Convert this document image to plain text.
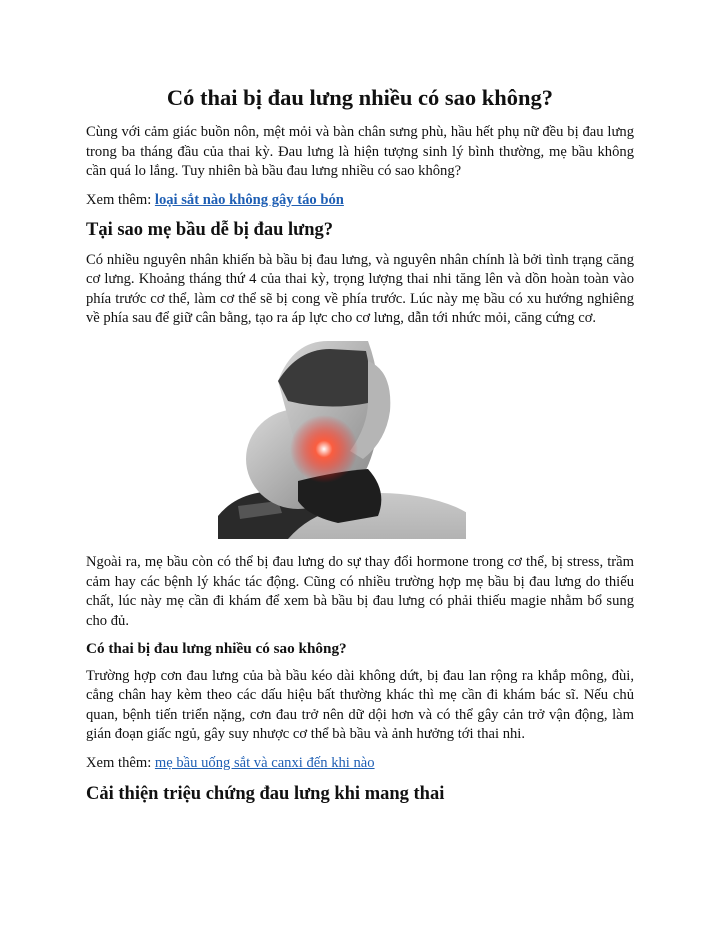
Có thai bị đau lưng nhiều có sao không?

Cùng với cảm giác buồn nôn, mệt mỏi và bàn chân sưng phù, hầu hết phụ nữ đều bị đau lưng trong ba tháng đầu của thai kỳ. Đau lưng là hiện tượng sinh lý bình thường, mẹ bầu không cần quá lo lắng. Tuy nhiên bà bầu đau lưng nhiều có sao không?

Xem thêm: loại sắt nào không gây táo bón

Tại sao mẹ bầu dễ bị đau lưng?

Có nhiều nguyên nhân khiến bà bầu bị đau lưng, và nguyên nhân chính là bởi tình trạng căng cơ lưng. Khoảng tháng thứ 4 của thai kỳ, trọng lượng thai nhi tăng lên và dồn hoàn toàn vào phía trước cơ thể, làm cơ thể sẽ bị cong về phía trước. Lúc này mẹ bầu có xu hướng nghiêng về phía sau để giữ cân bằng, tạo ra áp lực cho cơ lưng, dẫn tới nhức mỏi, căng cứng cơ.

Ngoài ra, mẹ bầu còn có thể bị đau lưng do sự thay đổi hormone trong cơ thể, bị stress, trầm cảm hay các bệnh lý khác tác động. Cũng có nhiều trường hợp mẹ bầu bị đau lưng do thiếu chất, lúc này mẹ cần đi khám để xem bà bầu bị đau lưng có phải thiếu magie nhằm bổ sung cho đủ.

Có thai bị đau lưng nhiều có sao không?

Trường hợp cơn đau lưng của bà bầu kéo dài không dứt, bị đau lan rộng ra khắp mông, đùi, cẳng chân hay kèm theo các dấu hiệu bất thường khác thì mẹ cần đi khám bác sĩ. Nếu chủ quan, bệnh tiến triển nặng, cơn đau trở nên dữ dội hơn và có thể gây cản trở vận động, làm gián đoạn giấc ngủ, gây suy nhược cơ thể bà bầu và ảnh hưởng tới thai nhi.

Xem thêm: mẹ bầu uống sắt và canxi đến khi nào

Cải thiện triệu chứng đau lưng khi mang thai
